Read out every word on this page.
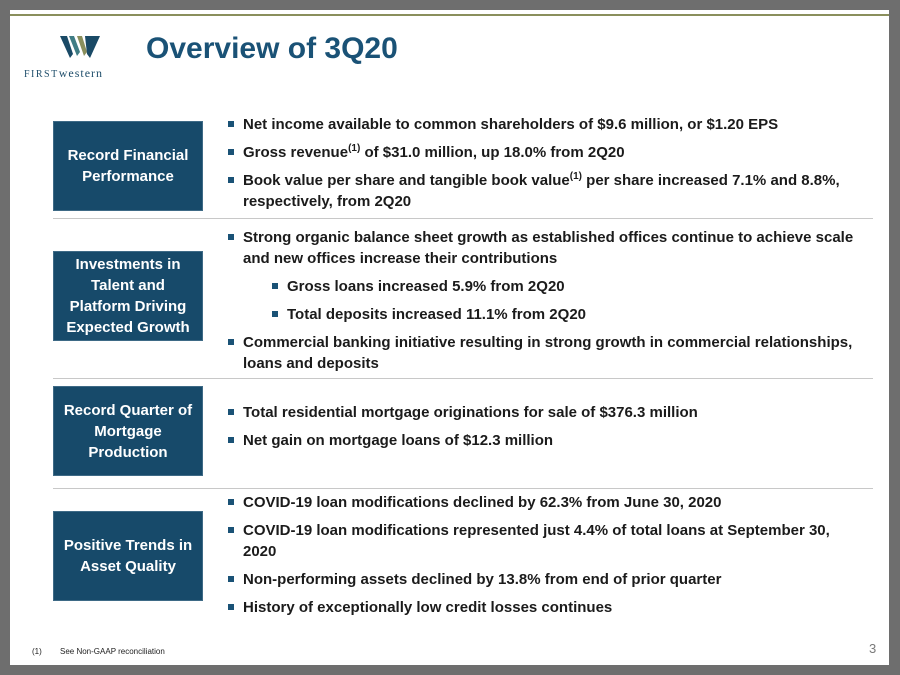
FIRSTwestern
Overview of 3Q20
Record Financial Performance
Net income available to common shareholders of $9.6 million, or $1.20 EPS
Gross revenue$^{(1)}$ of $31.0 million, up 18.0% from 2Q20
Book value per share and tangible book value$^{(1)}$ per share increased 7.1% and 8.8%, respectively, from 2Q20
Investments in Talent and Platform Driving Expected Growth
Strong organic balance sheet growth as established offices continue to achieve scale and new offices increase their contributions
Gross loans increased 5.9% from 2Q20
Total deposits increased 11.1% from 2Q20
Commercial banking initiative resulting in strong growth in commercial relationships, loans and deposits
Record Quarter of Mortgage Production
Total residential mortgage originations for sale of $376.3 million
Net gain on mortgage loans of $12.3 million
Positive Trends in Asset Quality
COVID-19 loan modifications declined by 62.3% from June 30, 2020
COVID-19 loan modifications represented just 4.4% of total loans at September 30, 2020
Non-performing assets declined by 13.8% from end of prior quarter
History of exceptionally low credit losses continues
(1) See Non-GAAP reconciliation	3
